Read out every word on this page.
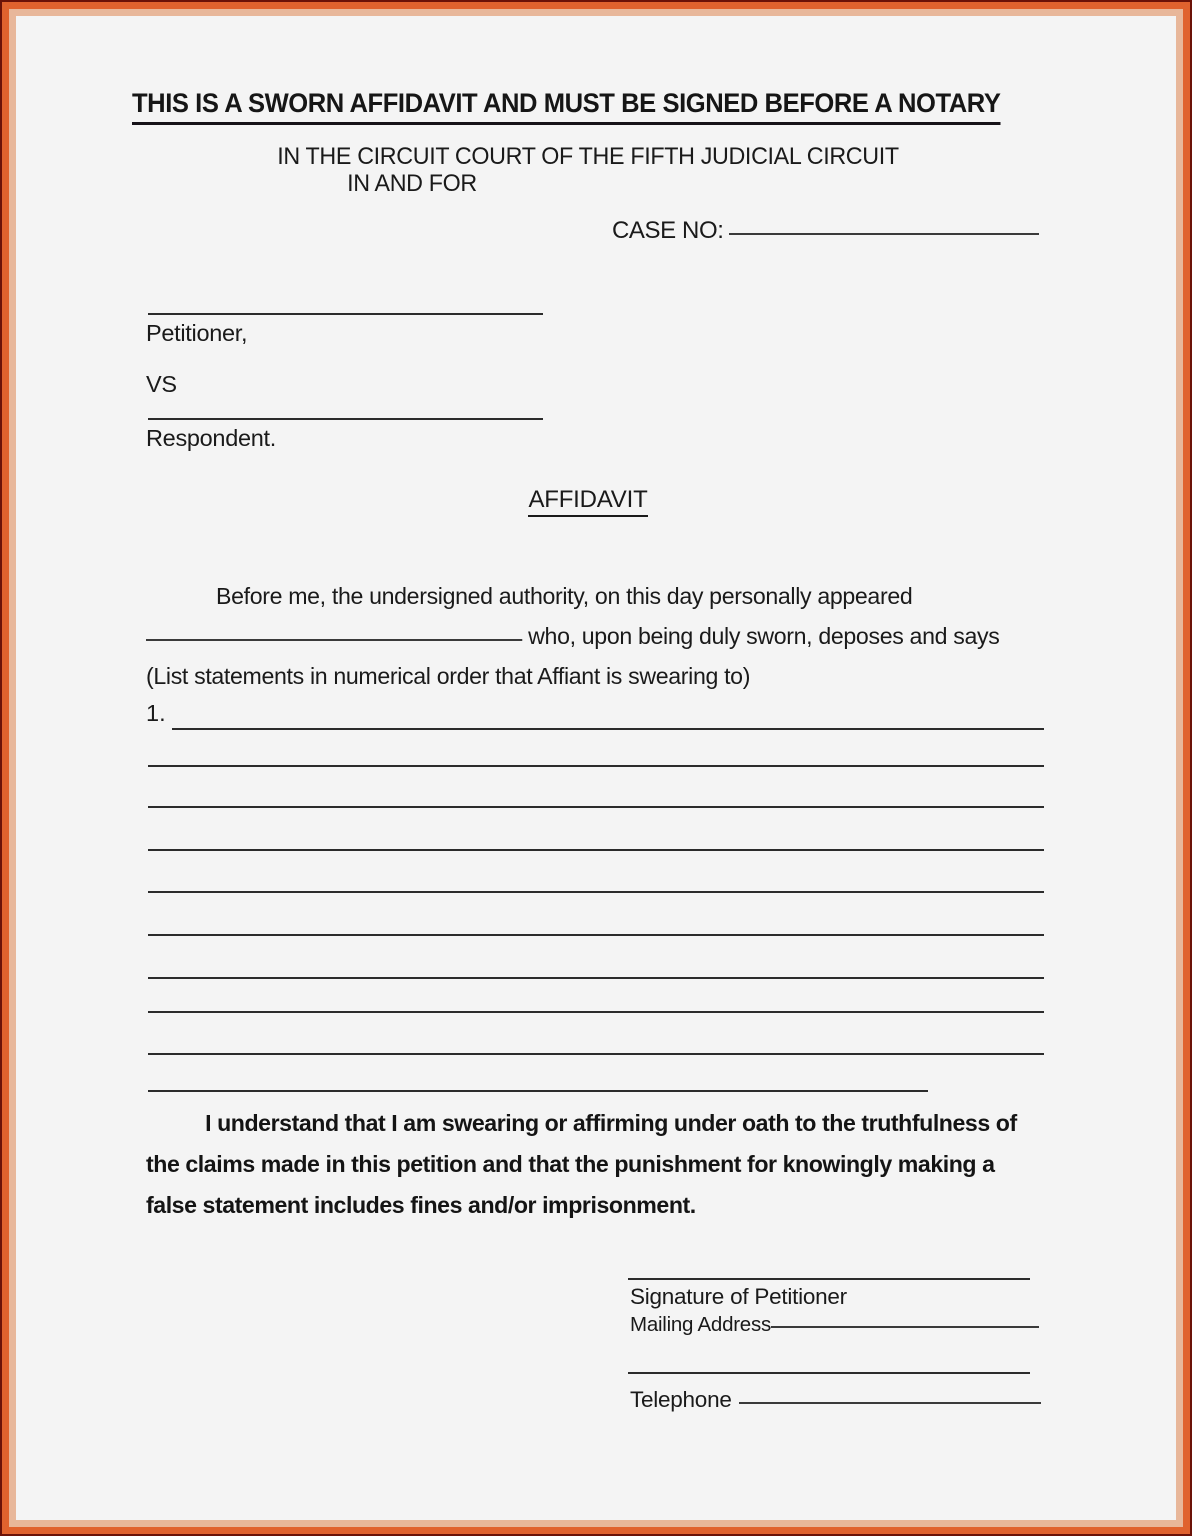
THIS IS A SWORN AFFIDAVIT AND MUST BE SIGNED BEFORE A NOTARY
IN THE CIRCUIT COURT OF THE FIFTH JUDICIAL CIRCUIT
IN AND FOR
CASE NO:
Petitioner,
VS
Respondent.
AFFIDAVIT
Before me, the undersigned authority, on this day personally appeared
who, upon being duly sworn, deposes and says
(List statements in numerical order that Affiant is swearing to)
1.
I understand that I am swearing or affirming under oath to the truthfulness of the claims made in this petition and that the punishment for knowingly making a false statement includes fines and/or imprisonment.
Signature of Petitioner
Mailing Address
Telephone
